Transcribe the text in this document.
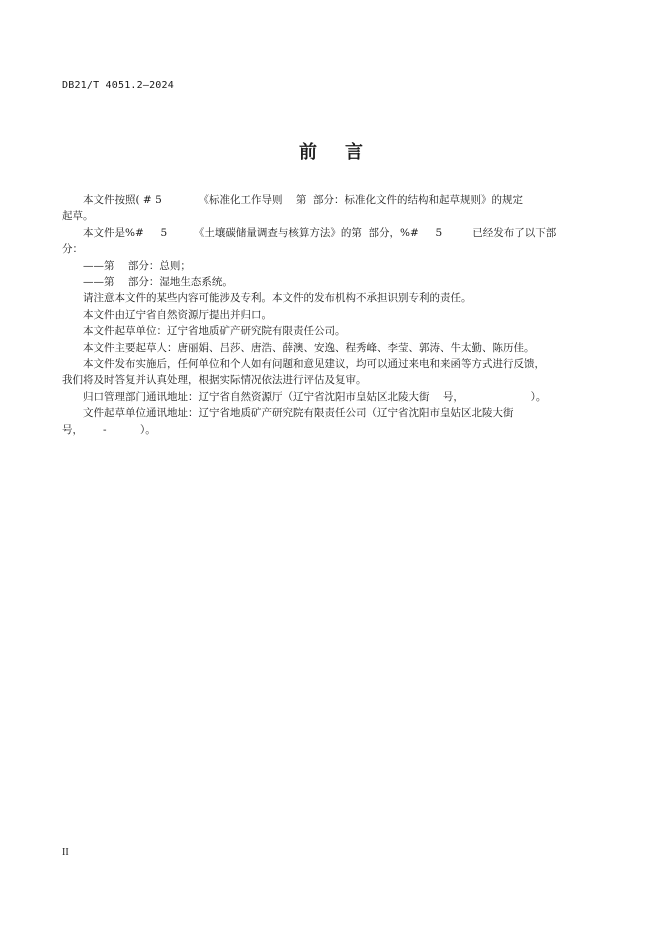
DB21/T 4051.2—2024
前言

本文件按照( # 5           《标准化工作导则    第  部分：标准化文件的结构和起草规则》的规定

起草。

本文件是%#     5        《土壤碳储量调查与核算方法》的第  部分，%#     5         已经发布了以下部

分：

——第    部分：总则；

——第    部分：湿地生态系统。

请注意本文件的某些内容可能涉及专利。本文件的发布机构不承担识别专利的责任。

本文件由辽宁省自然资源厅提出并归口。

本文件起草单位：辽宁省地质矿产研究院有限责任公司。

本文件主要起草人：唐丽娟、吕莎、唐浩、薛澳、安逸、程秀峰、李莹、郭涛、牛太勤、陈历佳。

本文件发布实施后，任何单位和个人如有问题和意见建议，均可以通过来电和来函等方式进行反馈，

我们将及时答复并认真处理，根据实际情况依法进行评估及复审。

归口管理部门通讯地址：辽宁省自然资源厅（辽宁省沈阳市皇姑区北陵大街    号，                    ）。

文件起草单位通讯地址：辽宁省地质矿产研究院有限责任公司（辽宁省沈阳市皇姑区北陵大街

号，      -          ）。

II
